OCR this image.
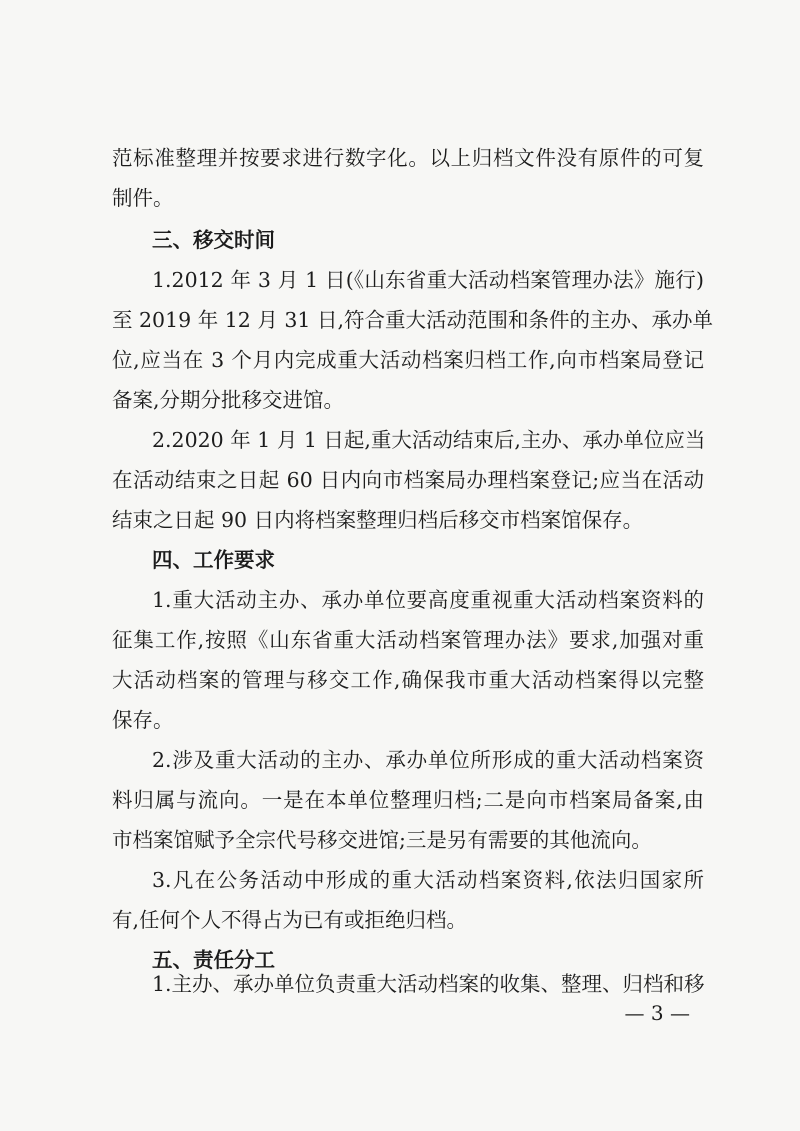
范标准整理并按要求进行数字化。以上归档文件没有原件的可复
制件。
三、移交时间
1.2012 年 3 月 1 日(《山东省重大活动档案管理办法》施行)
至 2019 年 12 月 31 日,符合重大活动范围和条件的主办、承办单
位,应当在 3 个月内完成重大活动档案归档工作,向市档案局登记
备案,分期分批移交进馆。
2.2020 年 1 月 1 日起,重大活动结束后,主办、承办单位应当
在活动结束之日起 60 日内向市档案局办理档案登记;应当在活动
结束之日起 90 日内将档案整理归档后移交市档案馆保存。
四、工作要求
1.重大活动主办、承办单位要高度重视重大活动档案资料的
征集工作,按照《山东省重大活动档案管理办法》要求,加强对重
大活动档案的管理与移交工作,确保我市重大活动档案得以完整
保存。
2.涉及重大活动的主办、承办单位所形成的重大活动档案资
料归属与流向。一是在本单位整理归档;二是向市档案局备案,由
市档案馆赋予全宗代号移交进馆;三是另有需要的其他流向。
3.凡在公务活动中形成的重大活动档案资料,依法归国家所
有,任何个人不得占为已有或拒绝归档。
五、责任分工
1.主办、承办单位负责重大活动档案的收集、整理、归档和移
— 3 —
